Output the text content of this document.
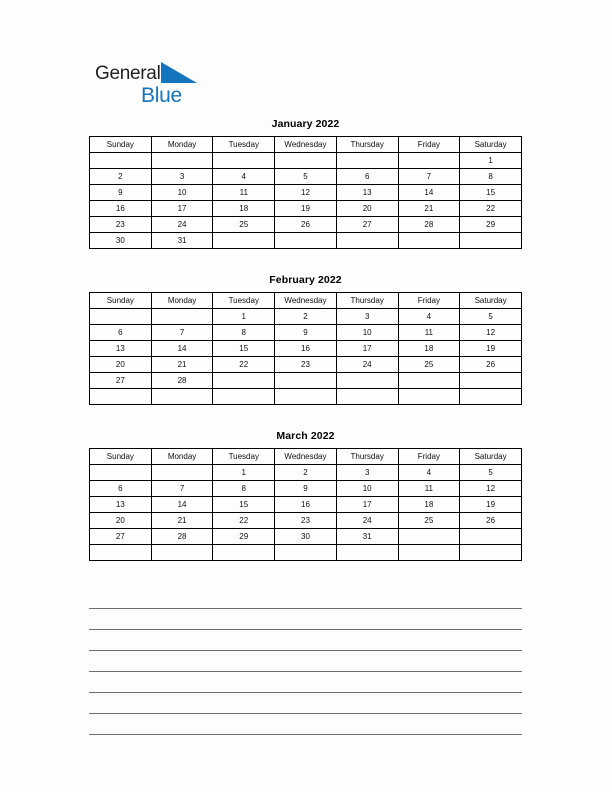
General
Blue
January 2022
Sunday	Monday	Tuesday	Wednesday	Thursday	Friday	Saturday
						1
2	3	4	5	6	7	8
9	10	11	12	13	14	15
16	17	18	19	20	21	22
23	24	25	26	27	28	29
30	31					
February 2022
Sunday	Monday	Tuesday	Wednesday	Thursday	Friday	Saturday
		1	2	3	4	5
6	7	8	9	10	11	12
13	14	15	16	17	18	19
20	21	22	23	24	25	26
27	28					

March 2022
Sunday	Monday	Tuesday	Wednesday	Thursday	Friday	Saturday
		1	2	3	4	5
6	7	8	9	10	11	12
13	14	15	16	17	18	19
20	21	22	23	24	25	26
27	28	29	30	31		
